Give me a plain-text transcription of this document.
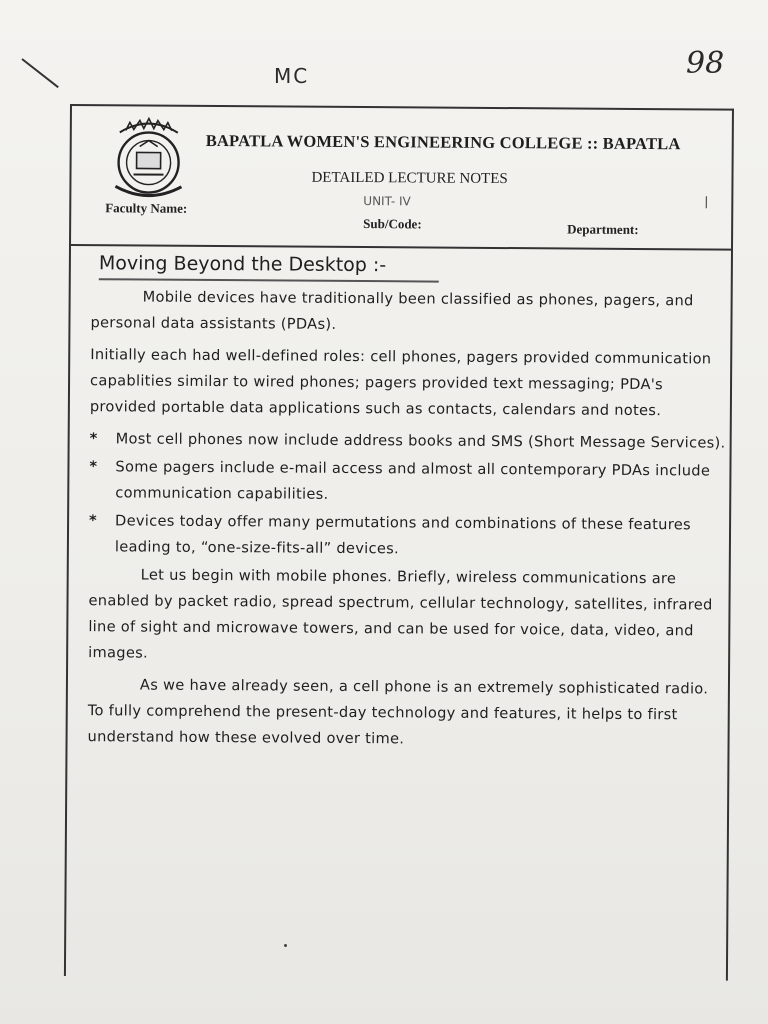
MC	98
BAPATLA WOMEN'S ENGINEERING COLLEGE :: BAPATLA
DETAILED LECTURE NOTES
UNIT- IV	❘
Faculty Name:
Sub/Code:	Department:
Moving Beyond the Desktop :-

Mobile devices have traditionally been classified as phones, pagers, and personal data assistants (PDAs).

Initially each had well-defined roles: cell phones, pagers provided communication capablities similar to wired phones; pagers provided text messaging; PDA's provided portable data applications such as contacts, calendars and notes.

*	Most cell phones now include address books and SMS (Short Message Services).
*	Some pagers include e-mail access and almost all contemporary PDAs include communication capabilities.
*	Devices today offer many permutations and combinations of these features leading to, “one-size-fits-all” devices.

Let us begin with mobile phones. Briefly, wireless communications are enabled by packet radio, spread spectrum, cellular technology, satellites, infrared line of sight and microwave towers, and can be used for voice, data, video, and images.

As we have already seen, a cell phone is an extremely sophisticated radio. To fully comprehend the present-day technology and features, it helps to first understand how these evolved over time.
